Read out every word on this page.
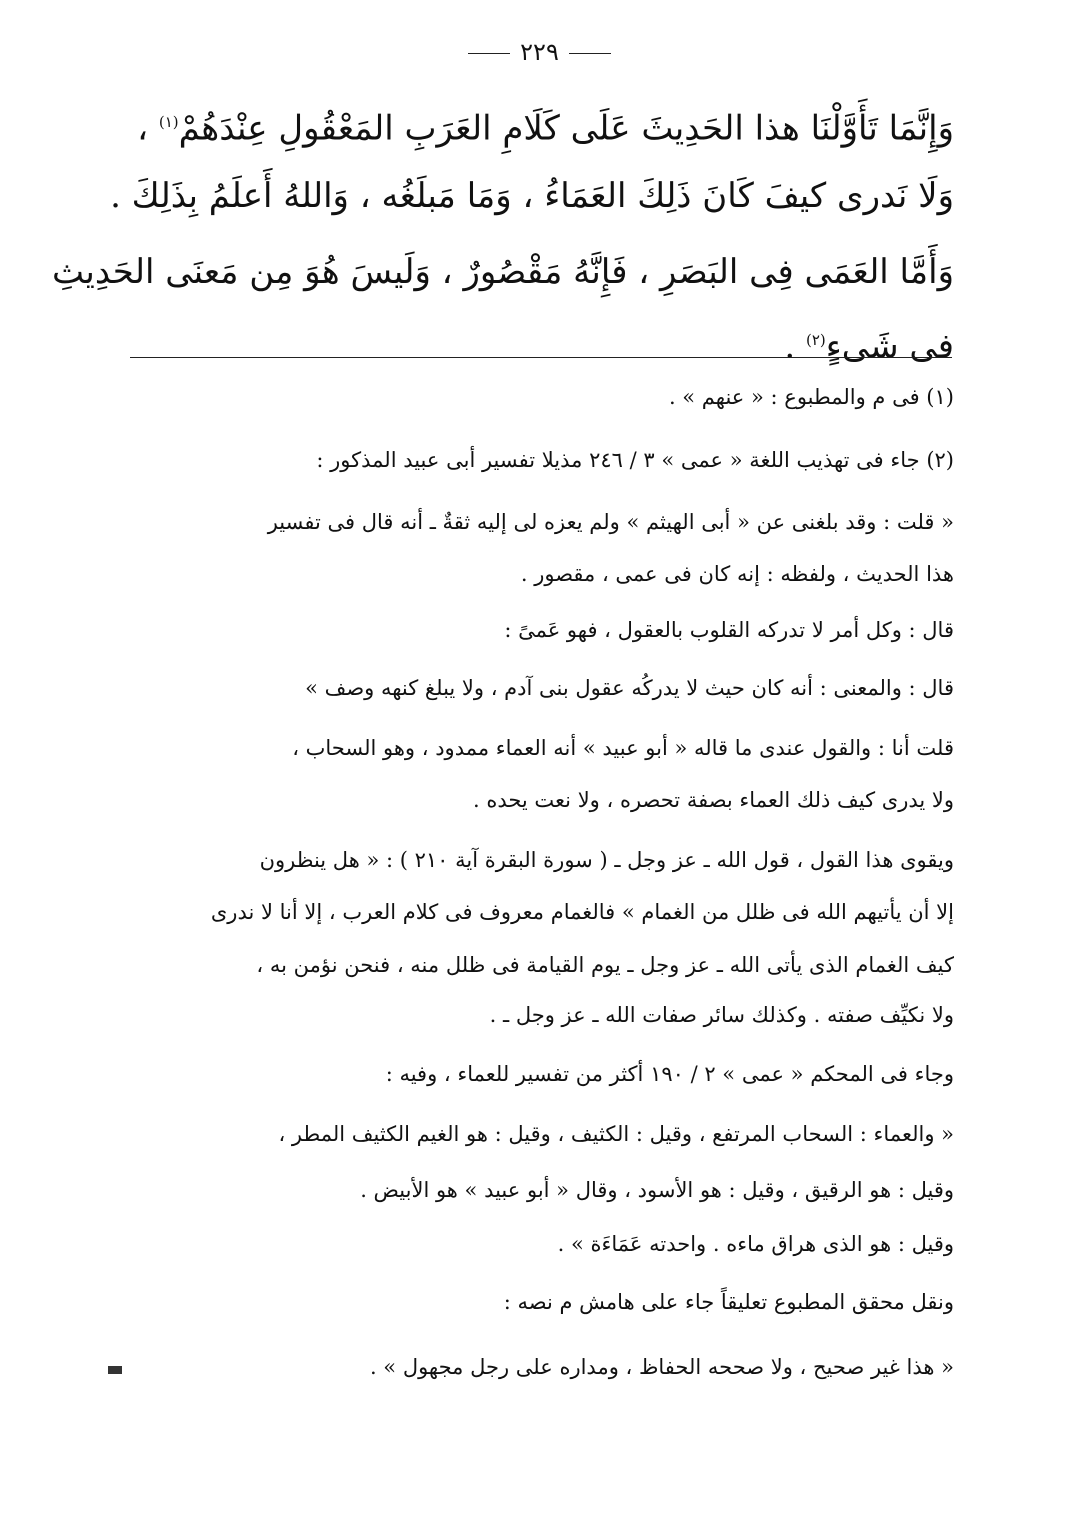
٢٢٩
وَإِنَّمَا تَأَوَّلْنَا هذا الحَدِيثَ عَلَى كَلَامِ العَرَبِ المَعْقُولِ عِنْدَهُمْ$^{(١)}$ ،
وَلَا نَدرى كيفَ كَانَ ذَلِكَ العَمَاءُ ، وَمَا مَبلَغُه ، وَاللهُ أَعلَمُ بِذَلِكَ .
وَأَمَّا العَمَى فِى البَصَرِ ، فَإِنَّهُ مَقْصُورٌ ، وَلَيسَ هُوَ مِن مَعنَى الحَدِيثِ
فى شَىءٍ$^{(٢)}$ .
(١) فى م والمطبوع : « عنهم » .
(٢) جاء فى تهذيب اللغة « عمى » ٣ / ٢٤٦ مذيلا تفسير أبى عبيد المذكور :
« قلت : وقد بلغنى عن « أبى الهيثم » ولم يعزه لى إليه ثقةٌ ـ أنه قال فى تفسير
هذا الحديث ، ولفظه : إنه كان فى عمى ، مقصور .
قال : وكل أمر لا تدركه القلوب بالعقول ، فهو عَمىً :
قال : والمعنى : أنه كان حيث لا يدركُه عقول بنى آدم ، ولا يبلغ كنهه وصف »
قلت أنا : والقول عندى ما قاله « أبو عبيد » أنه العماء ممدود ، وهو السحاب ،
ولا يدرى كيف ذلك العماء بصفة تحصره ، ولا نعت يحده .
ويقوى هذا القول ، قول الله ـ عز وجل ـ ( سورة البقرة آية ٢١٠ ) : « هل ينظرون
إلا أن يأتيهم الله فى ظلل من الغمام » فالغمام معروف فى كلام العرب ، إلا أنا لا ندرى
كيف الغمام الذى يأتى الله ـ عز وجل ـ يوم القيامة فى ظلل منه ، فنحن نؤمن به ،
ولا نكيِّف صفته . وكذلك سائر صفات الله ـ عز وجل ـ .
وجاء فى المحكم « عمى » ٢ / ١٩٠ أكثر من تفسير للعماء ، وفيه :
« والعماء : السحاب المرتفع ، وقيل : الكثيف ، وقيل : هو الغيم الكثيف المطر ،
وقيل : هو الرقيق ، وقيل : هو الأسود ، وقال « أبو عبيد » هو الأبيض .
وقيل : هو الذى هراق ماءه . واحدته عَمَاءَة » .
ونقل محقق المطبوع تعليقاً جاء على هامش م نصه :
« هذا غير صحيح ، ولا صححه الحفاظ ، ومداره على رجل مجهول » .
